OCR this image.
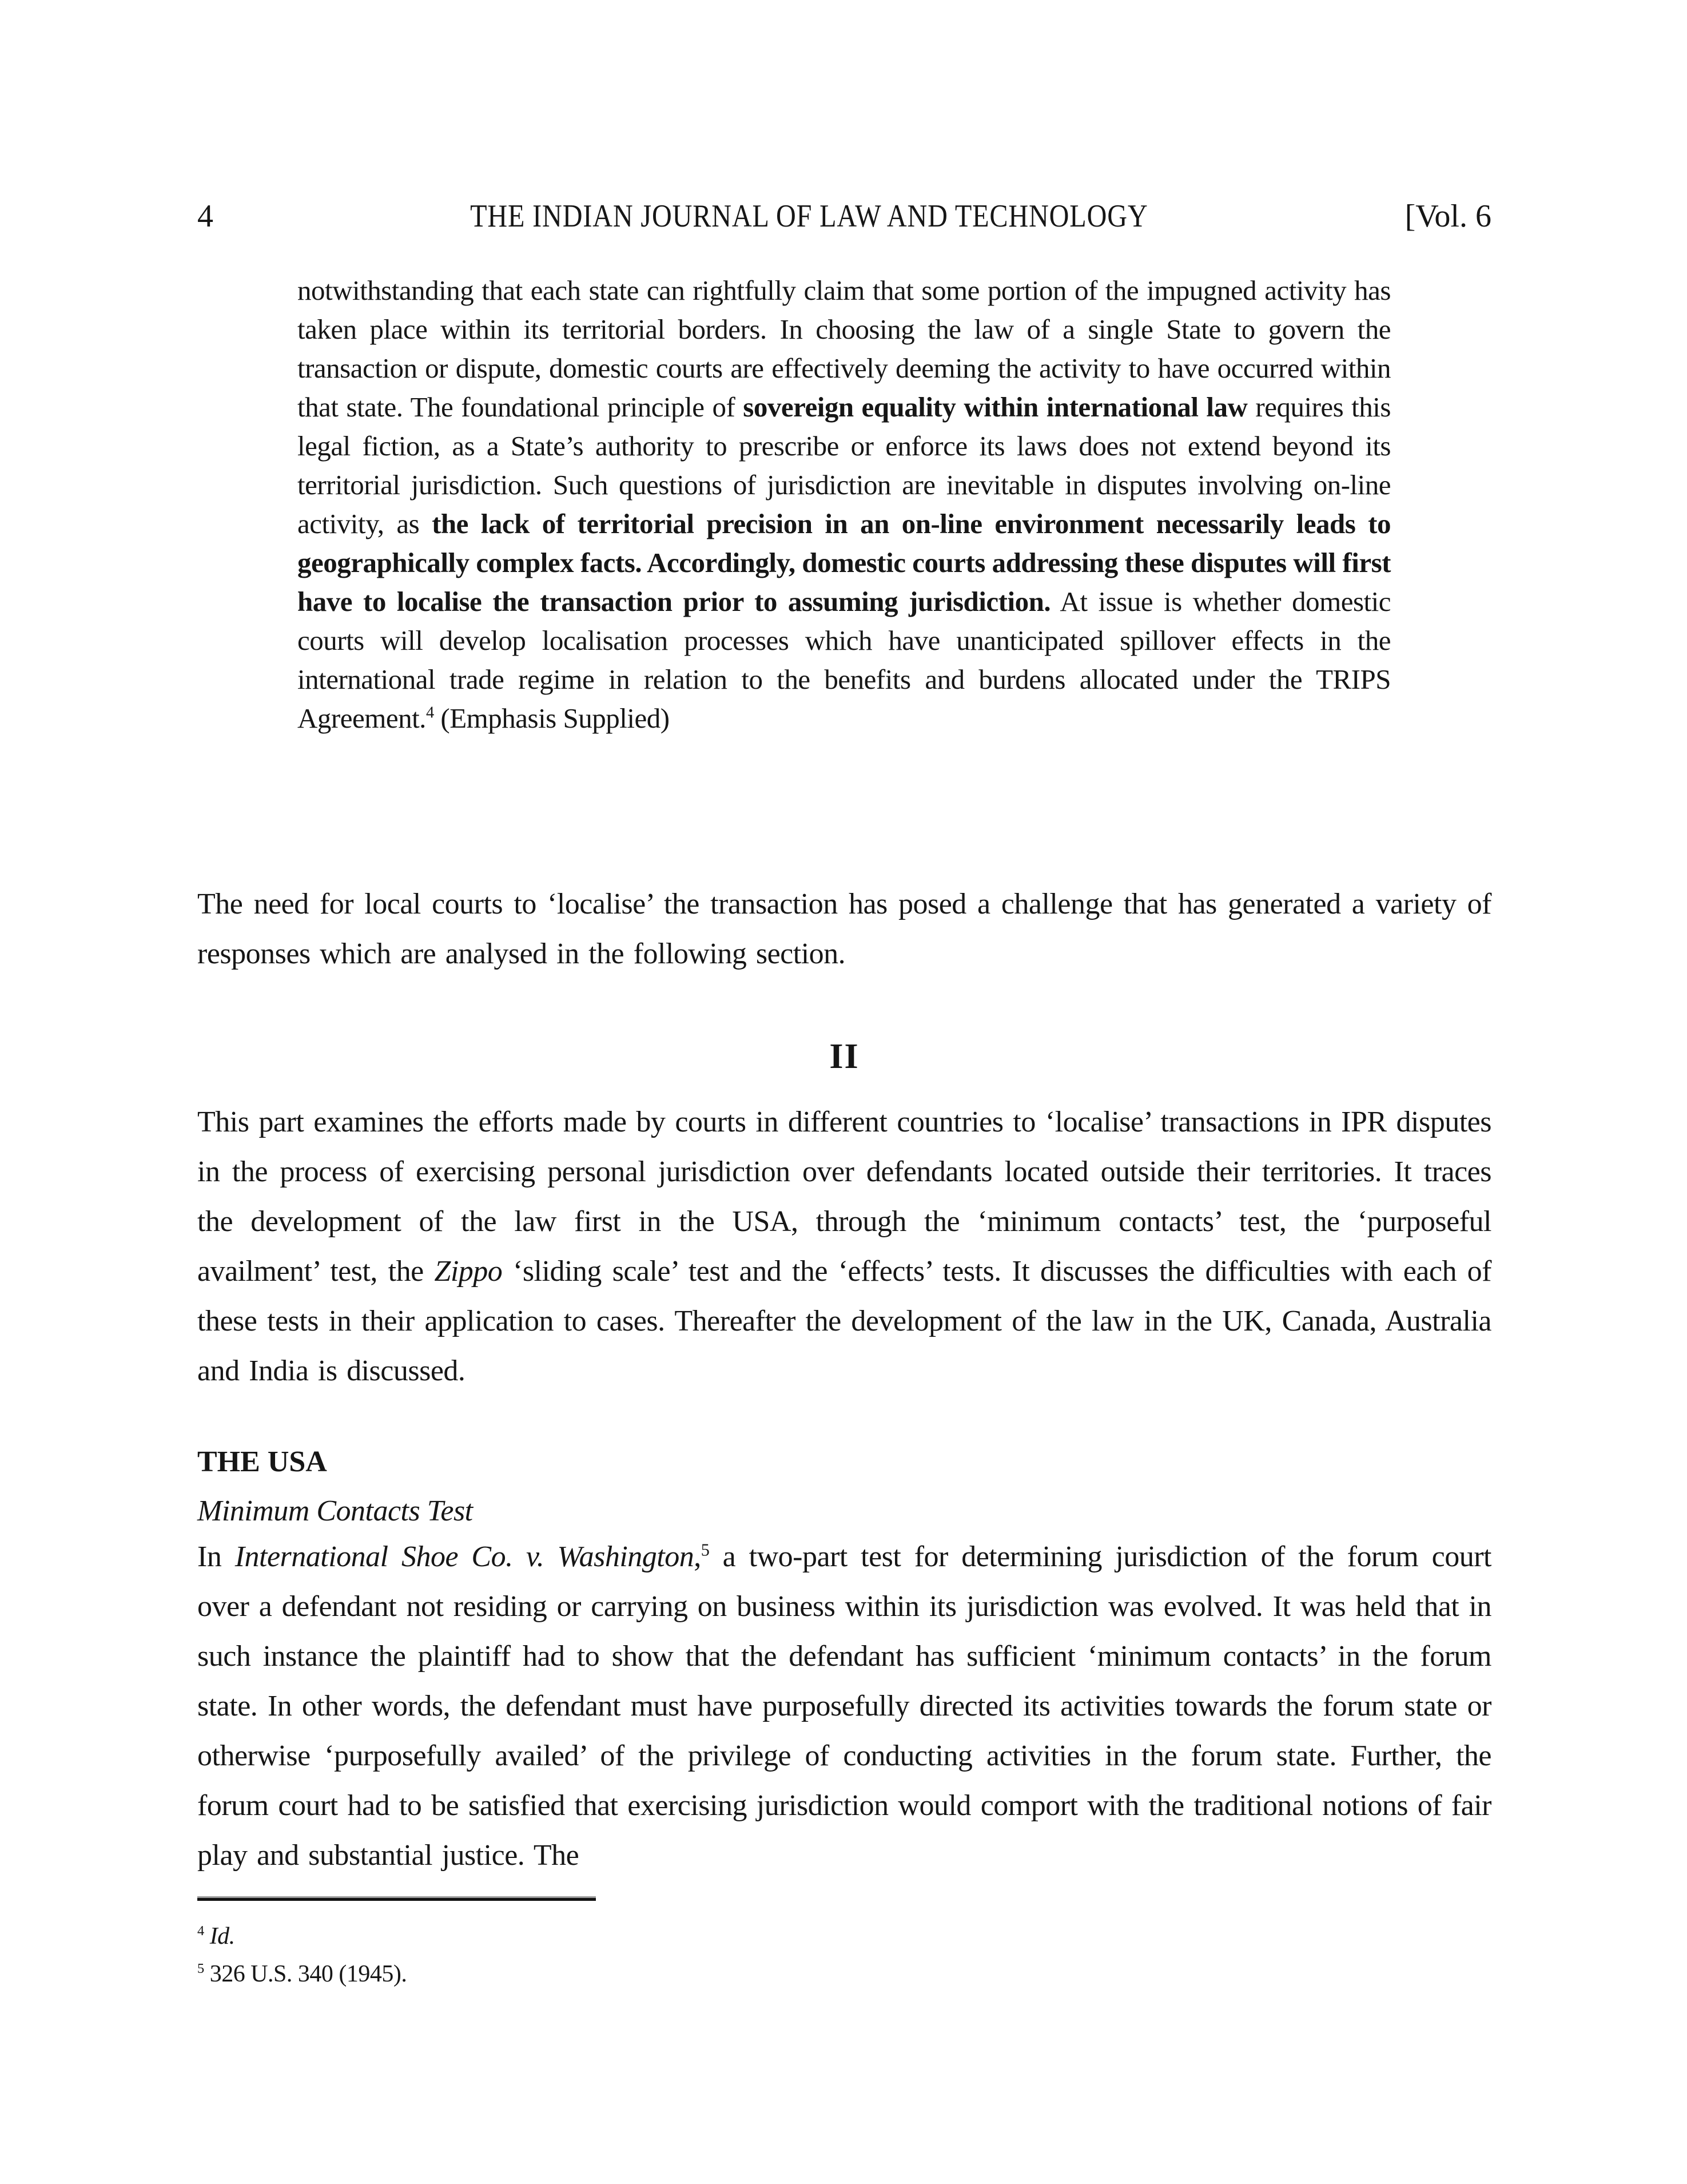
4	THE INDIAN JOURNAL OF LAW AND TECHNOLOGY	[Vol. 6
notwithstanding that each state can rightfully claim that some portion of the impugned activity has taken place within its territorial borders. In choosing the law of a single State to govern the transaction or dispute, domestic courts are effectively deeming the activity to have occurred within that state. The foundational principle of sovereign equality within international law requires this legal fiction, as a State’s authority to prescribe or enforce its laws does not extend beyond its territorial jurisdiction. Such questions of jurisdiction are inevitable in disputes involving on-line activity, as the lack of territorial precision in an on-line environment necessarily leads to geographically complex facts. Accordingly, domestic courts addressing these disputes will first have to localise the transaction prior to assuming jurisdiction. At issue is whether domestic courts will develop localisation processes which have unanticipated spillover effects in the international trade regime in relation to the benefits and burdens allocated under the TRIPS Agreement.$^4$ (Emphasis Supplied)

The need for local courts to ‘localise’ the transaction has posed a challenge that has generated a variety of responses which are analysed in the following section.

II

This part examines the efforts made by courts in different countries to ‘localise’ transactions in IPR disputes in the process of exercising personal jurisdiction over defendants located outside their territories. It traces the development of the law first in the USA, through the ‘minimum contacts’ test, the ‘purposeful availment’ test, the Zippo ‘sliding scale’ test and the ‘effects’ tests. It discusses the difficulties with each of these tests in their application to cases. Thereafter the development of the law in the UK, Canada, Australia and India is discussed.

THE USA
Minimum Contacts Test

In International Shoe Co. v. Washington,$^5$ a two-part test for determining jurisdiction of the forum court over a defendant not residing or carrying on business within its jurisdiction was evolved. It was held that in such instance the plaintiff had to show that the defendant has sufficient ‘minimum contacts’ in the forum state. In other words, the defendant must have purposefully directed its activities towards the forum state or otherwise ‘purposefully availed’ of the privilege of conducting activities in the forum state. Further, the forum court had to be satisfied that exercising jurisdiction would comport with the traditional notions of fair play and substantial justice. The

$^4$ Id.

$^5$ 326 U.S. 340 (1945).
